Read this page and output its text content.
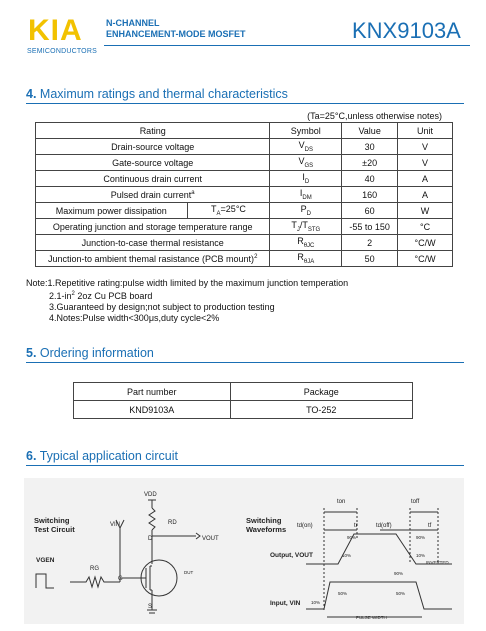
KIA
SEMICONDUCTORS
N-CHANNEL
ENHANCEMENT-MODE MOSFET	KNX9103A
4. Maximum ratings and thermal characteristics
(Ta=25°C,unless otherwise notes)
Rating		Symbol	Value	Unit
Drain-source voltage		$V_{DS}$	30	V
Gate-source voltage		$V_{GS}$	±20	V
Continuous drain current		$I_D$	40	A
Pulsed drain current$^a$		$I_{DM}$	160	A
Maximum power dissipation	$T_A=25^\circ C$	$P_D$	60	W
Operating junction and storage temperature range		$T_J/T_{STG}$	-55 to 150	°C
Junction-to-case thermal resistance		$R_{\theta JC}$	2	°C/W
Junction-to ambient themal rasistance (PCB mount)$^2$		$R_{\theta JA}$	50	°C/W
Note:1.Repetitive rating:pulse width limited by the maximum junction temperation
$2.1-in^2$ 2oz Cu PCB board
3.Guaranteed by design;not subject to production testing
4.Notes:Pulse width<300μs,duty cycle<2%
5. Ordering information
Part number	Package
KND9103A	TO-252
6. Typical application circuit
Switching
Test Circuit
VDD
RD
VIN
VOUT
VGEN
RG
G
D
S
DUT
Switching
Waveforms
ton	toff
td(on)	tr	td(off)	tf
90%	90%
10%	10%
INVERTED
Output, VOUT
Input, VIN 10%
50%	50%
90%
PULSE WIDTH
